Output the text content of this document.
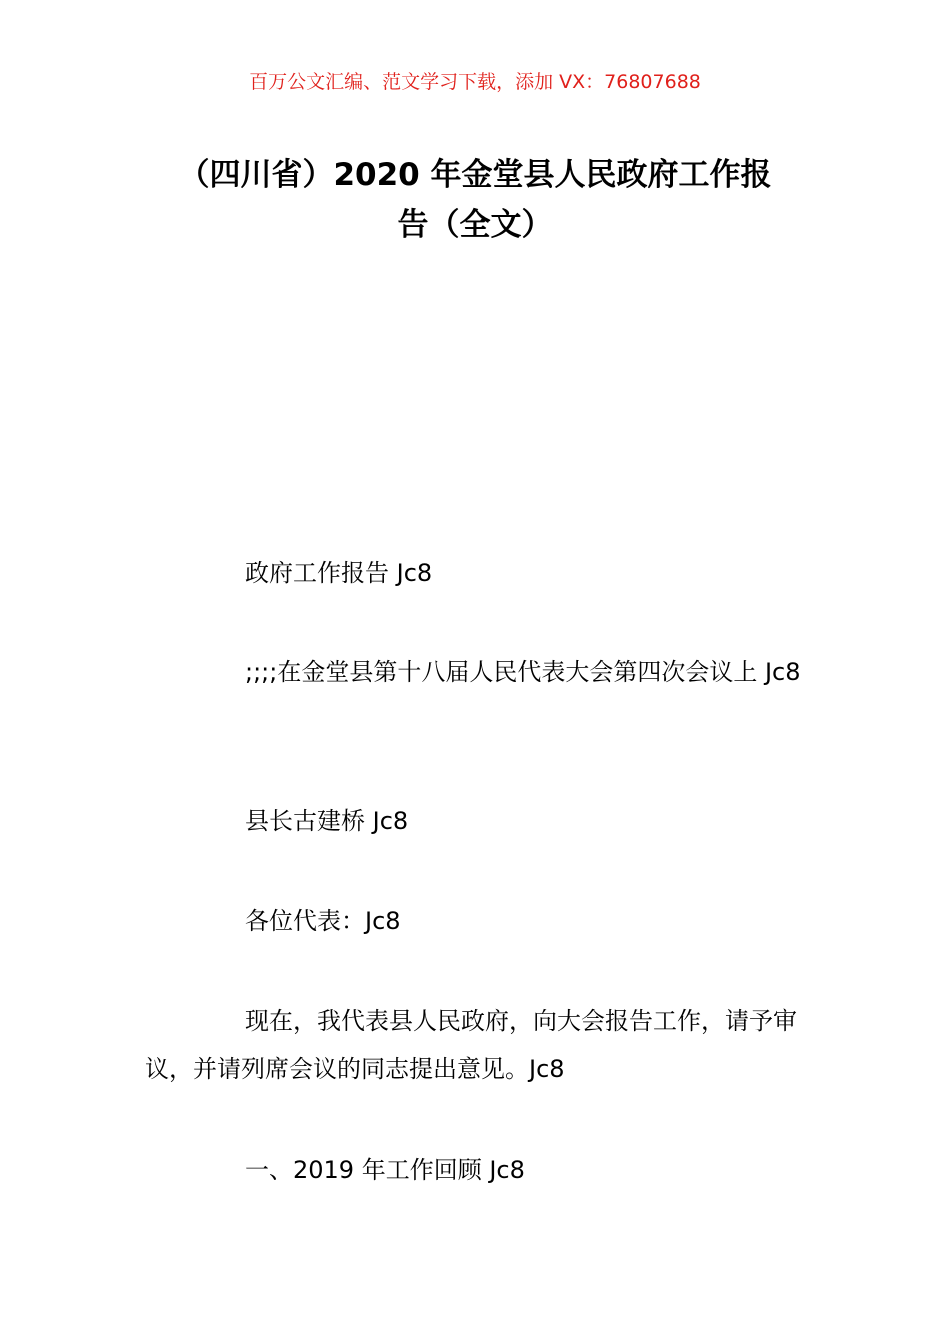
百万公文汇编、范文学习下载，添加 VX：76807688
（四川省）2020 年金堂县人民政府工作报
告（全文）

政府工作报告 Jc8

;;;;在金堂县第十八届人民代表大会第四次会议上 Jc8

县长古建桥 Jc8

各位代表：Jc8

现在，我代表县人民政府，向大会报告工作，请予审议，并请列席会议的同志提出意见。Jc8

一、2019 年工作回顾 Jc8
